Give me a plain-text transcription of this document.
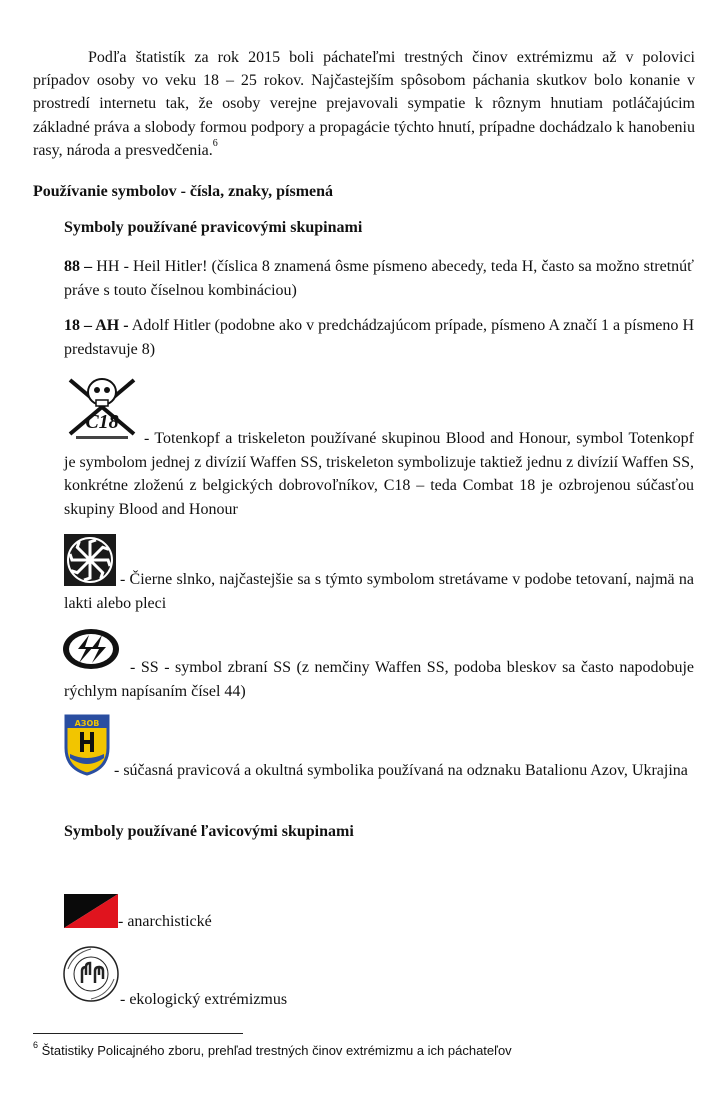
Podľa štatistík za rok 2015 boli páchateľmi trestných činov extrémizmu až v polovici prípadov osoby vo veku 18 – 25 rokov. Najčastejším spôsobom páchania skutkov bolo konanie v prostredí internetu tak, že osoby verejne prejavovali sympatie k rôznym hnutiam potláčajúcim základné práva a slobody formou podpory a propagácie týchto hnutí, prípadne dochádzalo k hanobeniu rasy, národa a presvedčenia.$^6$

Používanie symbolov - čísla, znaky, písmená
Symboly používané pravicovými skupinami

88 – HH - Heil Hitler! (číslica 8 znamená ôsme písmeno abecedy, teda H, často sa možno stretnúť práve s touto číselnou kombináciou)

18 – AH - Adolf Hitler (podobne ako v predchádzajúcom prípade, písmeno A značí 1 a písmeno H predstavuje 8)

C18

- Totenkopf a triskeleton používané skupinou Blood and Honour, symbol Totenkopf je symbolom jednej z divízií Waffen SS, triskeleton symbolizuje taktiež jednu z divízií Waffen SS, konkrétne zloženú z belgických dobrovoľníkov, C18 – teda Combat 18 je ozbrojenou súčasťou skupiny Blood and Honour

- Čierne slnko, najčastejšie sa s týmto symbolom stretávame v podobe tetovaní, najmä na lakti alebo pleci

- SS - symbol zbraní SS (z nemčiny Waffen SS, podoba bleskov sa často napodobuje rýchlym napísaním čísel 44)

АЗОВ

- súčasná pravicová a okultná symbolika používaná na odznaku Batalionu Azov, Ukrajina

Symboly používané ľavicovými skupinami

- anarchistické

- ekologický extrémizmus

$^6$ Štatistiky Policajného zboru, prehľad trestných činov extrémizmu a ich páchateľov
